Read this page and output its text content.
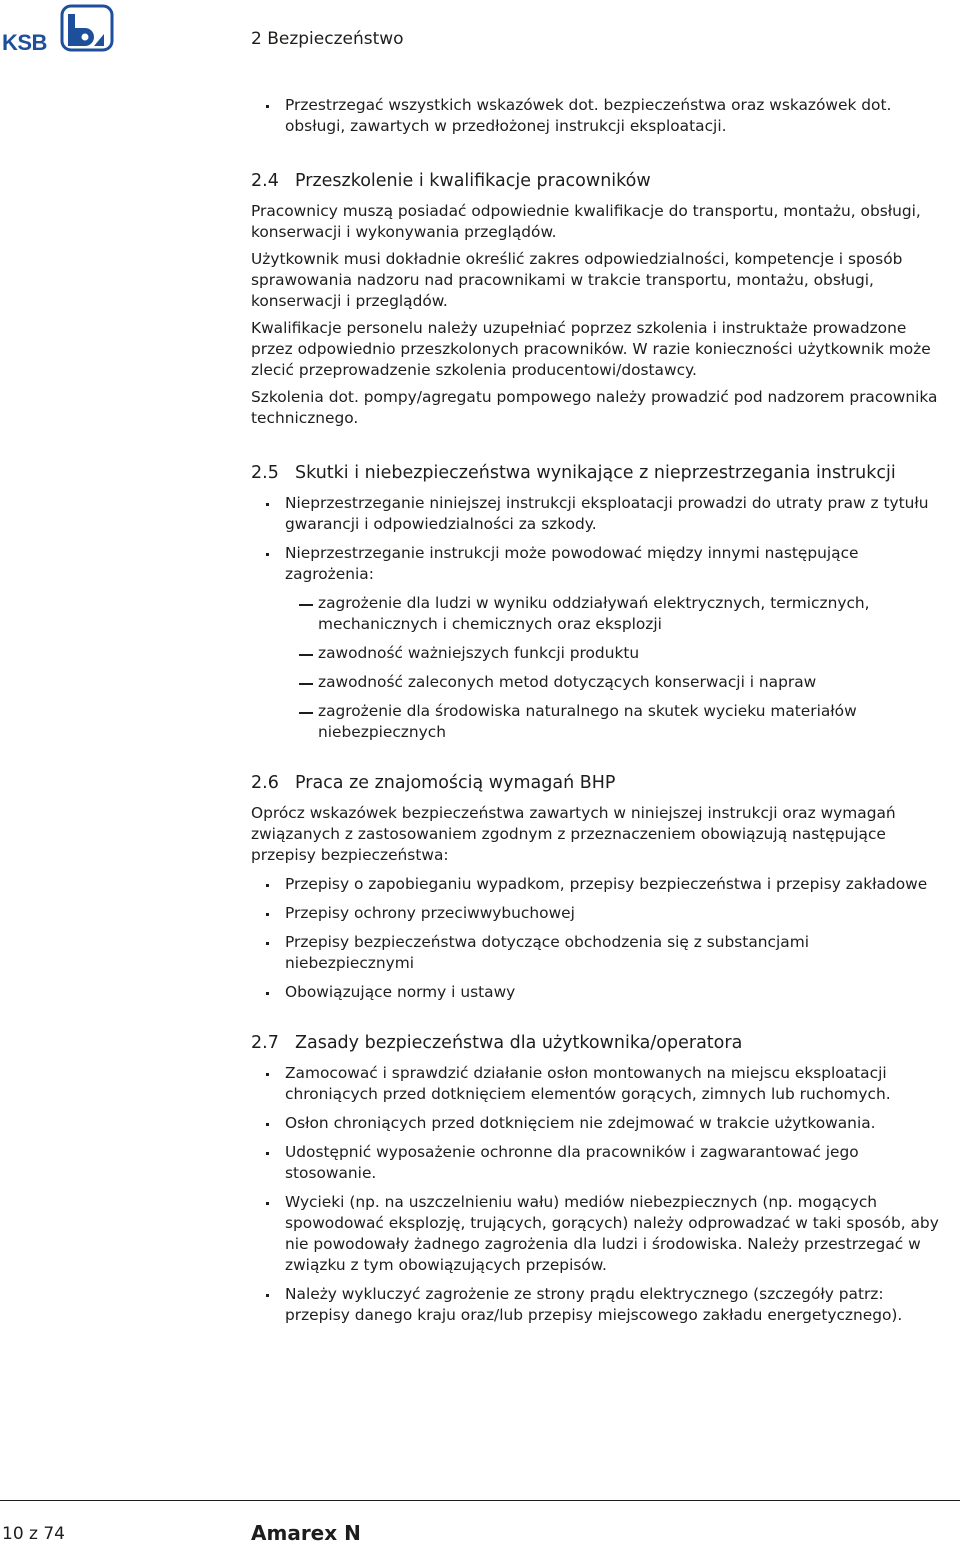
KSB	2 Bezpieczeństwo
Przestrzegać wszystkich wskazówek dot. bezpieczeństwa oraz wskazówek dot. obsługi, zawartych w przedłożonej instrukcji eksploatacji.
2.4 Przeszkolenie i kwalifikacje pracowników

Pracownicy muszą posiadać odpowiednie kwalifikacje do transportu, montażu, obsługi, konserwacji i wykonywania przeglądów.

Użytkownik musi dokładnie określić zakres odpowiedzialności, kompetencje i sposób sprawowania nadzoru nad pracownikami w trakcie transportu, montażu, obsługi, konserwacji i przeglądów.

Kwalifikacje personelu należy uzupełniać poprzez szkolenia i instruktaże prowadzone przez odpowiednio przeszkolonych pracowników. W razie konieczności użytkownik może zlecić przeprowadzenie szkolenia producentowi/dostawcy.

Szkolenia dot. pompy/agregatu pompowego należy prowadzić pod nadzorem pracownika technicznego.

2.5 Skutki i niebezpieczeństwa wynikające z nieprzestrzegania instrukcji
Nieprzestrzeganie niniejszej instrukcji eksploatacji prowadzi do utraty praw z tytułu gwarancji i odpowiedzialności za szkody.
Nieprzestrzeganie instrukcji może powodować między innymi następujące zagrożenia:
zagrożenie dla ludzi w wyniku oddziaływań elektrycznych, termicznych, mechanicznych i chemicznych oraz eksplozji
zawodność ważniejszych funkcji produktu
zawodność zaleconych metod dotyczących konserwacji i napraw
zagrożenie dla środowiska naturalnego na skutek wycieku materiałów niebezpiecznych
2.6 Praca ze znajomością wymagań BHP

Oprócz wskazówek bezpieczeństwa zawartych w niniejszej instrukcji oraz wymagań związanych z zastosowaniem zgodnym z przeznaczeniem obowiązują następujące przepisy bezpieczeństwa:

Przepisy o zapobieganiu wypadkom, przepisy bezpieczeństwa i przepisy zakładowe
Przepisy ochrony przeciwwybuchowej
Przepisy bezpieczeństwa dotyczące obchodzenia się z substancjami niebezpiecznymi
Obowiązujące normy i ustawy
2.7 Zasady bezpieczeństwa dla użytkownika/operatora
Zamocować i sprawdzić działanie osłon montowanych na miejscu eksploatacji chroniących przed dotknięciem elementów gorących, zimnych lub ruchomych.
Osłon chroniących przed dotknięciem nie zdejmować w trakcie użytkowania.
Udostępnić wyposażenie ochronne dla pracowników i zagwarantować jego stosowanie.
Wycieki (np. na uszczelnieniu wału) mediów niebezpiecznych (np. mogących spowodować eksplozję, trujących, gorących) należy odprowadzać w taki sposób, aby nie powodowały żadnego zagrożenia dla ludzi i środowiska. Należy przestrzegać w związku z tym obowiązujących przepisów.
Należy wykluczyć zagrożenie ze strony prądu elektrycznego (szczegóły patrz: przepisy danego kraju oraz/lub przepisy miejscowego zakładu energetycznego).
10 z 74	Amarex N
